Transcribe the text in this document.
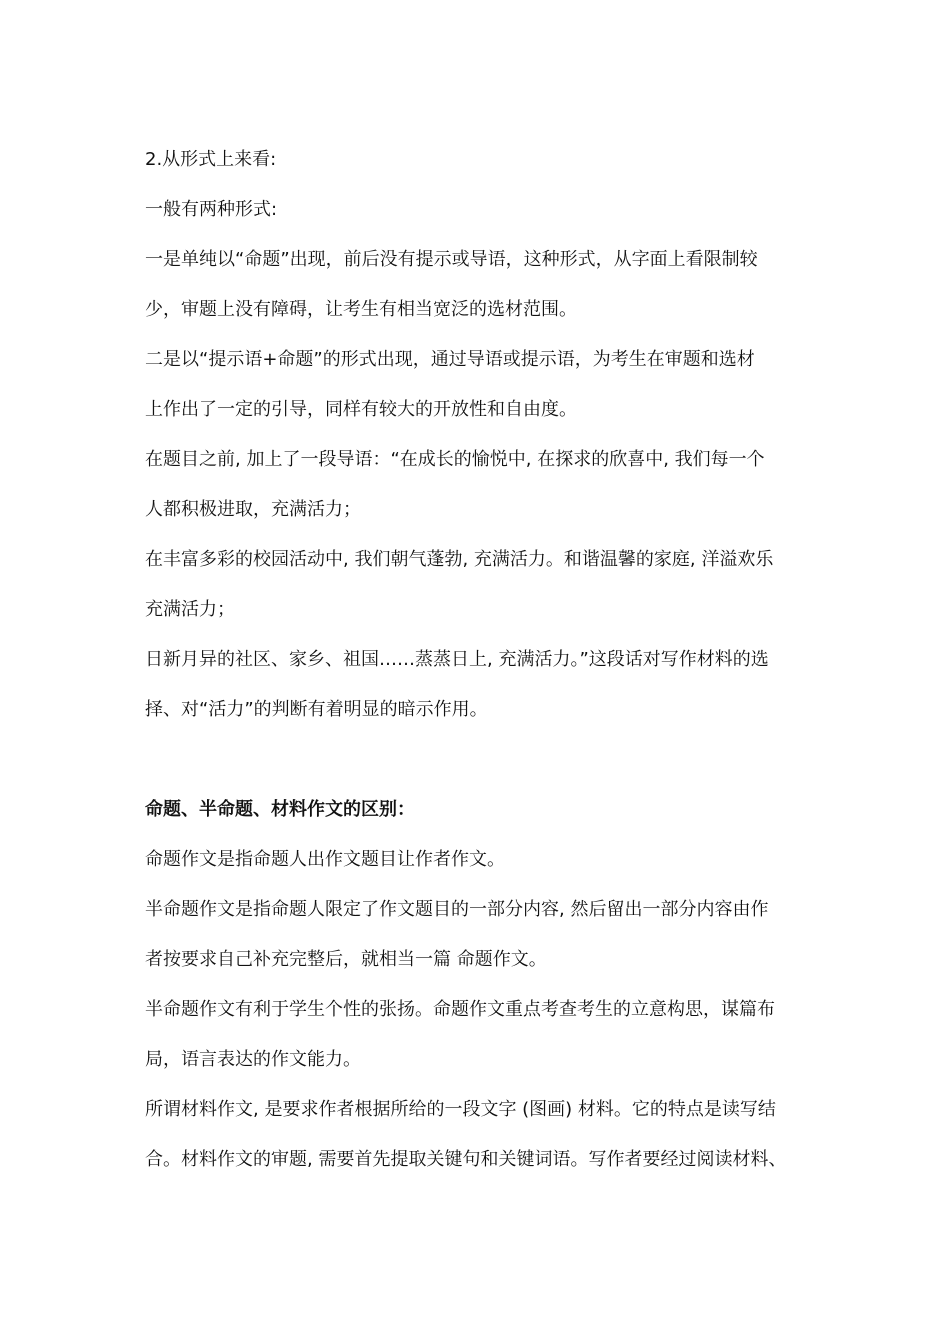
2.从形式上来看:
一般有两种形式:
一是单纯以“命题”出现，前后没有提示或导语，这种形式，从字面上看限制较
少，审题上没有障碍，让考生有相当宽泛的选材范围。
二是以“提示语+命题”的形式出现，通过导语或提示语，为考生在审题和选材
上作出了一定的引导，同样有较大的开放性和自由度。
在题目之前, 加上了一段导语：“在成长的愉悦中, 在探求的欣喜中, 我们每一个
人都积极进取，充满活力；
在丰富多彩的校园活动中, 我们朝气蓬勃, 充满活力。和谐温馨的家庭, 洋溢欢乐
充满活力；
日新月异的社区、家乡、祖国……蒸蒸日上, 充满活力。”这段话对写作材料的选
择、对“活力”的判断有着明显的暗示作用。
命题、半命题、材料作文的区别：
命题作文是指命题人出作文题目让作者作文。
半命题作文是指命题人限定了作文题目的一部分内容, 然后留出一部分内容由作
者按要求自己补充完整后，就相当一篇 命题作文。
半命题作文有利于学生个性的张扬。命题作文重点考查考生的立意构思，谋篇布
局，语言表达的作文能力。
所谓材料作文, 是要求作者根据所给的一段文字 (图画) 材料。它的特点是读写结
合。材料作文的审题, 需要首先提取关键句和关键词语。写作者要经过阅读材料、
